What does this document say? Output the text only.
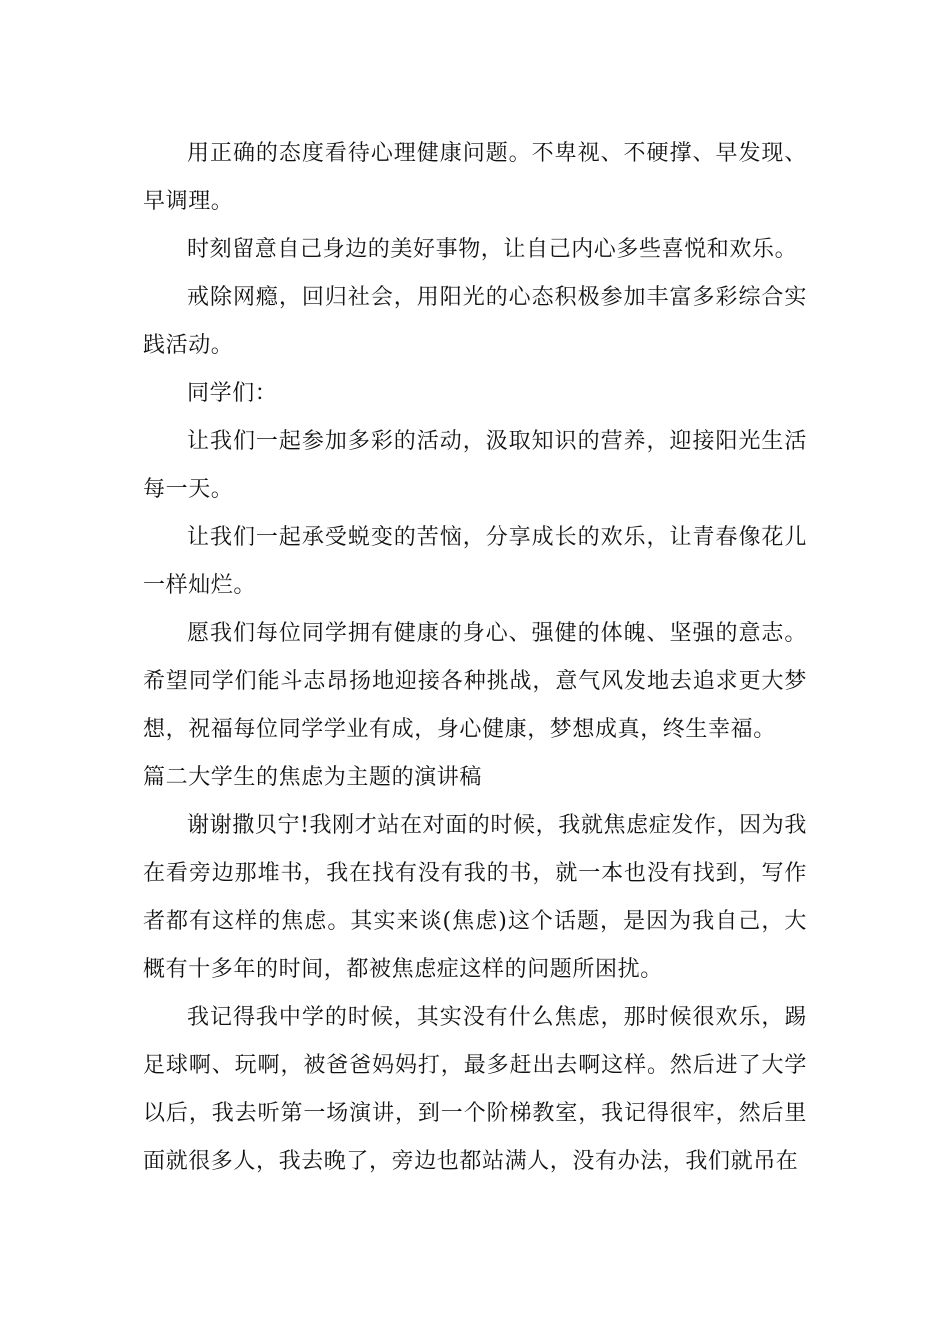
用正确的态度看待心理健康问题。不卑视、不硬撑、早发现、早调理。

时刻留意自己身边的美好事物，让自己内心多些喜悦和欢乐。

戒除网瘾，回归社会，用阳光的心态积极参加丰富多彩综合实践活动。

同学们：

让我们一起参加多彩的活动，汲取知识的营养，迎接阳光生活每一天。

让我们一起承受蜕变的苦恼，分享成长的欢乐，让青春像花儿一样灿烂。

愿我们每位同学拥有健康的身心、强健的体魄、坚强的意志。希望同学们能斗志昂扬地迎接各种挑战，意气风发地去追求更大梦想，祝福每位同学学业有成，身心健康，梦想成真，终生幸福。

篇二大学生的焦虑为主题的演讲稿

谢谢撒贝宁!我刚才站在对面的时候，我就焦虑症发作，因为我在看旁边那堆书，我在找有没有我的书，就一本也没有找到，写作者都有这样的焦虑。其实来谈(焦虑)这个话题，是因为我自己，大概有十多年的时间，都被焦虑症这样的问题所困扰。

我记得我中学的时候，其实没有什么焦虑，那时候很欢乐，踢足球啊、玩啊，被爸爸妈妈打，最多赶出去啊这样。然后进了大学以后，我去听第一场演讲，到一个阶梯教室，我记得很牢，然后里面就很多人，我去晚了，旁边也都站满人，没有办法，我们就吊在
